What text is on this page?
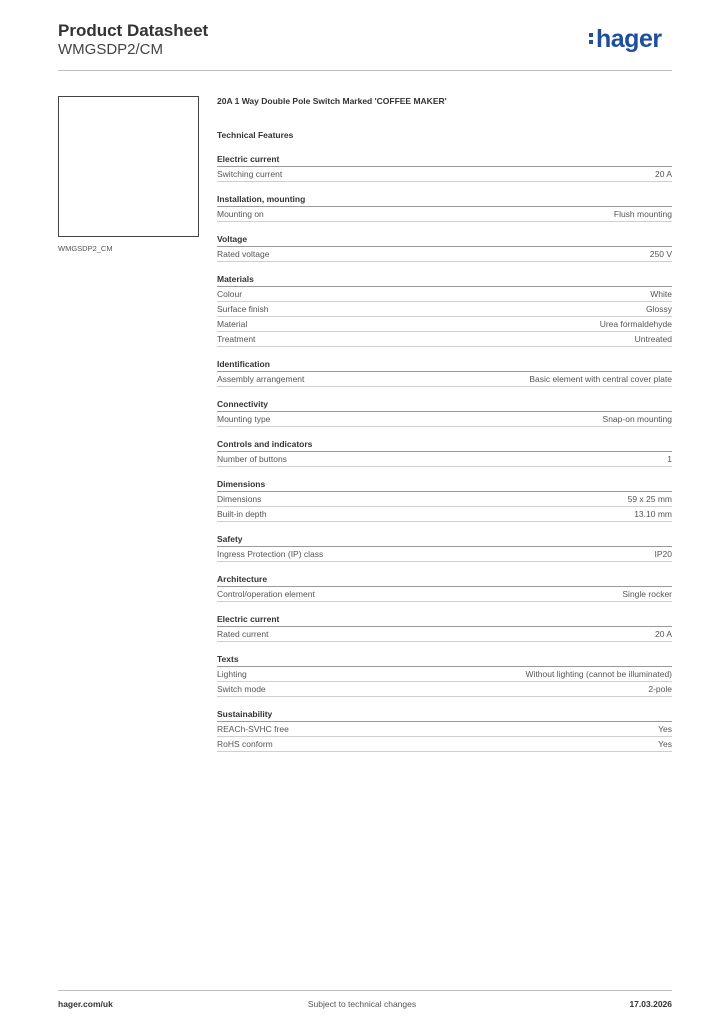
Product Datasheet
WMGSDP2/CM	hager
WMGSDP2_CM
20A 1 Way Double Pole Switch Marked 'COFFEE MAKER'
Technical Features
Electric current
Switching current	20 A
Installation, mounting
Mounting on	Flush mounting
Voltage
Rated voltage	250 V
Materials
Colour	White
Surface finish	Glossy
Material	Urea formaldehyde
Treatment	Untreated
Identification
Assembly arrangement	Basic element with central cover plate
Connectivity
Mounting type	Snap-on mounting
Controls and indicators
Number of buttons	1
Dimensions
Dimensions	59 x 25 mm
Built-in depth	13.10 mm
Safety
Ingress Protection (IP) class	IP20
Architecture
Control/operation element	Single rocker
Electric current
Rated current	20 A
Texts
Lighting	Without lighting (cannot be illuminated)
Switch mode	2-pole
Sustainability
REACh-SVHC free	Yes
RoHS conform	Yes
hager.com/uk	Subject to technical changes	17.03.2026
